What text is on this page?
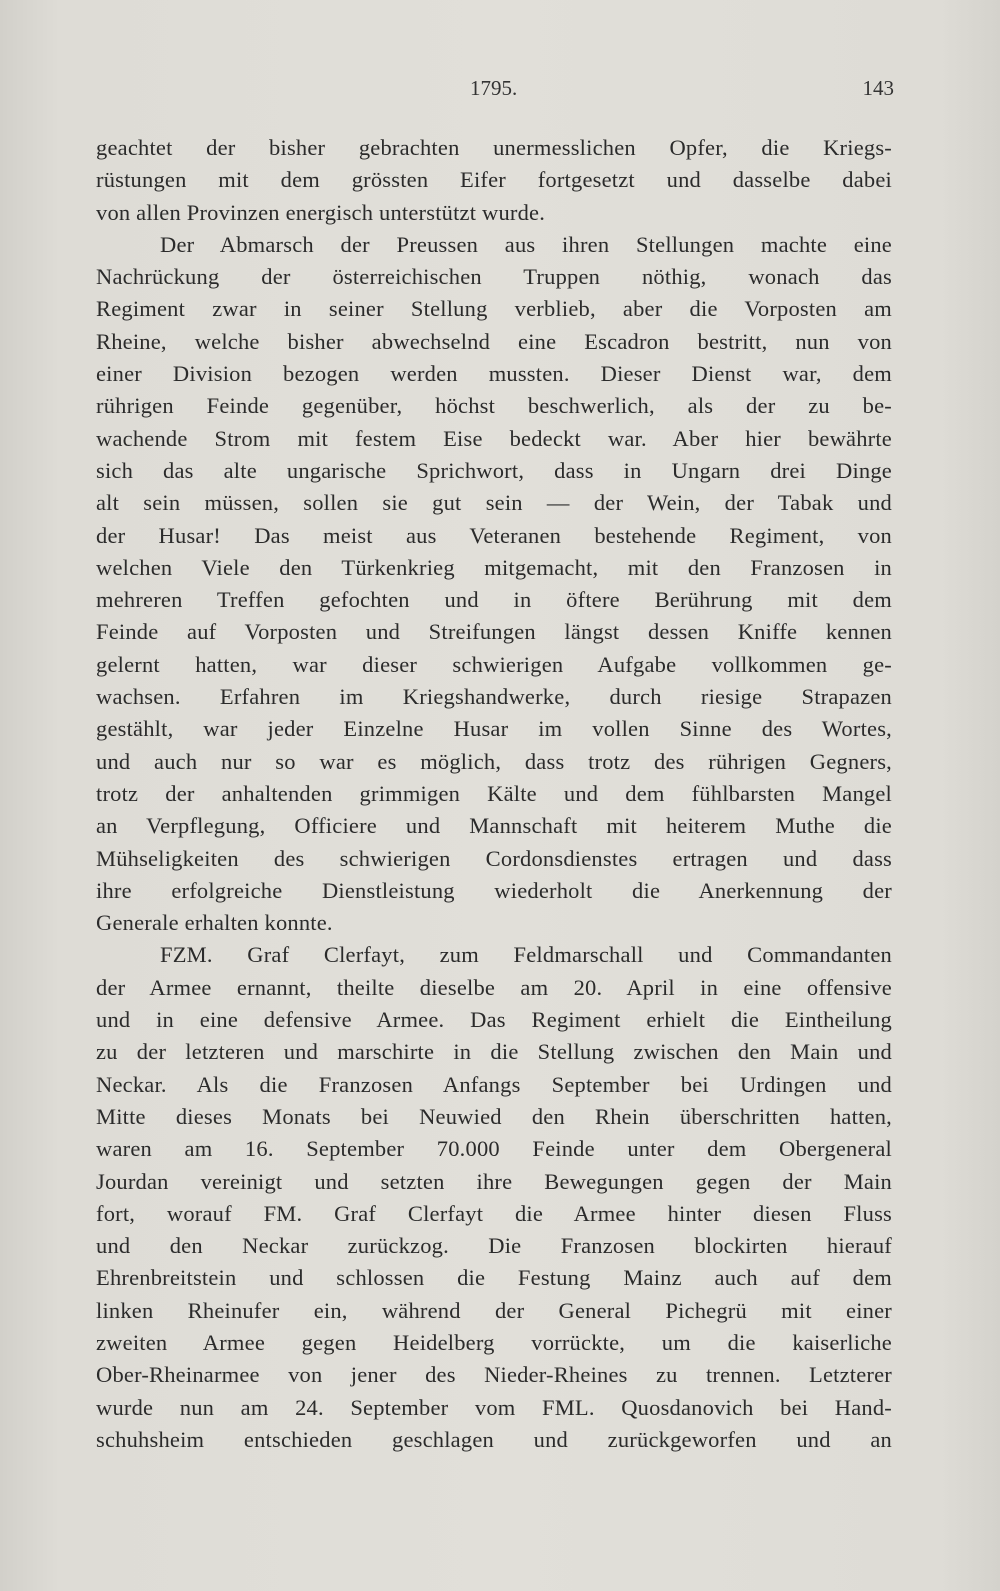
1795.	143
geachtet der bisher gebrachten unermesslichen Opfer, die Kriegs-
rüstungen mit dem grössten Eifer fortgesetzt und dasselbe dabei
von allen Provinzen energisch unterstützt wurde.
Der Abmarsch der Preussen aus ihren Stellungen machte eine
Nachrückung der österreichischen Truppen nöthig, wonach das
Regiment zwar in seiner Stellung verblieb, aber die Vorposten am
Rheine, welche bisher abwechselnd eine Escadron bestritt, nun von
einer Division bezogen werden mussten. Dieser Dienst war, dem
rührigen Feinde gegenüber, höchst beschwerlich, als der zu be-
wachende Strom mit festem Eise bedeckt war. Aber hier bewährte
sich das alte ungarische Sprichwort, dass in Ungarn drei Dinge
alt sein müssen, sollen sie gut sein — der Wein, der Tabak und
der Husar! Das meist aus Veteranen bestehende Regiment, von
welchen Viele den Türkenkrieg mitgemacht, mit den Franzosen in
mehreren Treffen gefochten und in öftere Berührung mit dem
Feinde auf Vorposten und Streifungen längst dessen Kniffe kennen
gelernt hatten, war dieser schwierigen Aufgabe vollkommen ge-
wachsen. Erfahren im Kriegshandwerke, durch riesige Strapazen
gestählt, war jeder Einzelne Husar im vollen Sinne des Wortes,
und auch nur so war es möglich, dass trotz des rührigen Gegners,
trotz der anhaltenden grimmigen Kälte und dem fühlbarsten Mangel
an Verpflegung, Officiere und Mannschaft mit heiterem Muthe die
Mühseligkeiten des schwierigen Cordonsdienstes ertragen und dass
ihre erfolgreiche Dienstleistung wiederholt die Anerkennung der
Generale erhalten konnte.
FZM. Graf Clerfayt, zum Feldmarschall und Commandanten
der Armee ernannt, theilte dieselbe am 20. April in eine offensive
und in eine defensive Armee. Das Regiment erhielt die Eintheilung
zu der letzteren und marschirte in die Stellung zwischen den Main und
Neckar. Als die Franzosen Anfangs September bei Urdingen und
Mitte dieses Monats bei Neuwied den Rhein überschritten hatten,
waren am 16. September 70.000 Feinde unter dem Obergeneral
Jourdan vereinigt und setzten ihre Bewegungen gegen der Main
fort, worauf FM. Graf Clerfayt die Armee hinter diesen Fluss
und den Neckar zurückzog. Die Franzosen blockirten hierauf
Ehrenbreitstein und schlossen die Festung Mainz auch auf dem
linken Rheinufer ein, während der General Pichegrü mit einer
zweiten Armee gegen Heidelberg vorrückte, um die kaiserliche
Ober-Rheinarmee von jener des Nieder-Rheines zu trennen. Letzterer
wurde nun am 24. September vom FML. Quosdanovich bei Hand-
schuhsheim entschieden geschlagen und zurückgeworfen und an
